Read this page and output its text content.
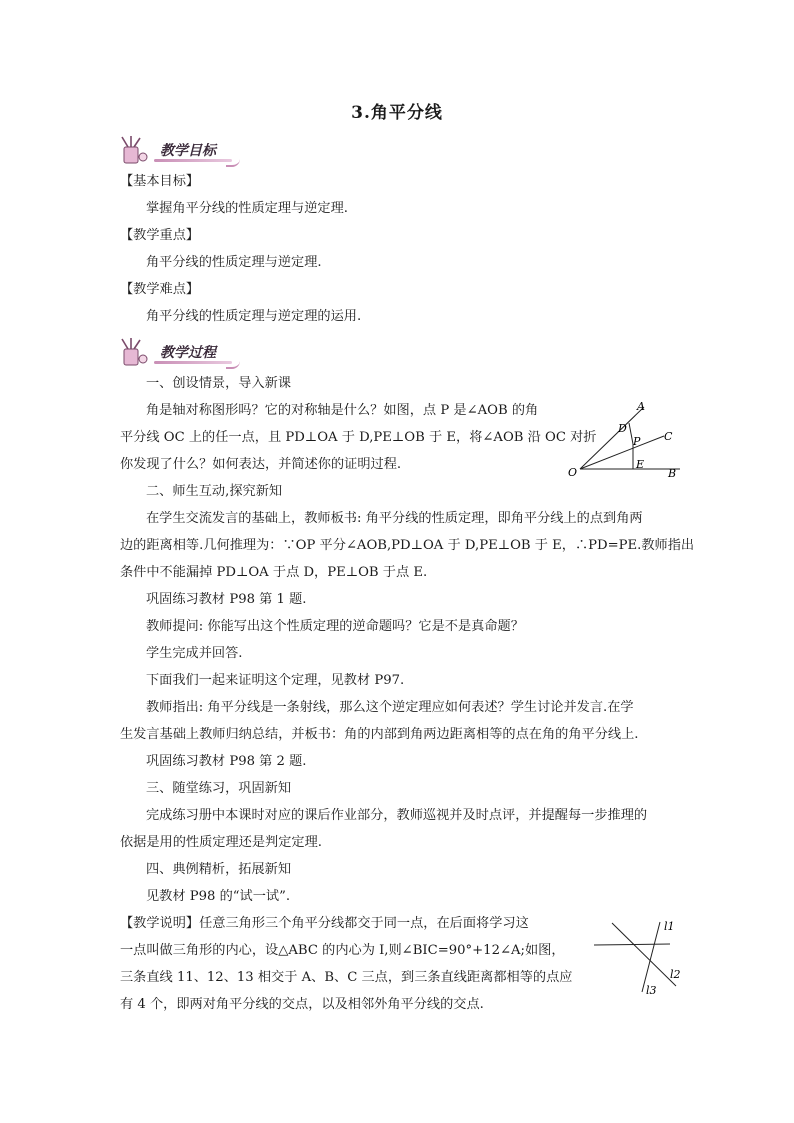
3.角平分线
教学目标
教学过程
【基本目标】
掌握角平分线的性质定理与逆定理.
【教学重点】
角平分线的性质定理与逆定理.
【教学难点】
角平分线的性质定理与逆定理的运用.
一、创设情景，导入新课
角是轴对称图形吗？它的对称轴是什么？如图，点 P 是∠AOB 的角
平分线 OC 上的任一点，且 PD⊥OA 于 D,PE⊥OB 于 E，将∠AOB 沿 OC 对折
你发现了什么？如何表达，并简述你的证明过程.
二、师生互动,探究新知
在学生交流发言的基础上，教师板书: 角平分线的性质定理，即角平分线上的点到角两
边的距离相等.几何推理为：∵OP 平分∠AOB,PD⊥OA 于 D,PE⊥OB 于 E，∴PD=PE.教师指出
条件中不能漏掉 PD⊥OA 于点 D，PE⊥OB 于点 E.
巩固练习教材 P98 第 1 题.
教师提问: 你能写出这个性质定理的逆命题吗？它是不是真命题？
学生完成并回答.
下面我们一起来证明这个定理，见教材 P97.
教师指出: 角平分线是一条射线，那么这个逆定理应如何表述？学生讨论并发言.在学
生发言基础上教师归纳总结，并板书：角的内部到角两边距离相等的点在角的角平分线上.
巩固练习教材 P98 第 2 题.
三、随堂练习，巩固新知
完成练习册中本课时对应的课后作业部分，教师巡视并及时点评，并提醒每一步推理的
依据是用的性质定理还是判定定理.
四、典例精析，拓展新知
见教材 P98 的“试一试”.
【教学说明】任意三角形三个角平分线都交于同一点，在后面将学习这
一点叫做三角形的内心，设△ABC 的内心为 I,则∠BIC=90°+12∠A;如图，
三条直线 11、12、13 相交于 A、B、C 三点，到三条直线距离都相等的点应
有 4 个，即两对角平分线的交点，以及相邻外角平分线的交点.
A
D
C
P
O
E
B
l1
l2
l3
